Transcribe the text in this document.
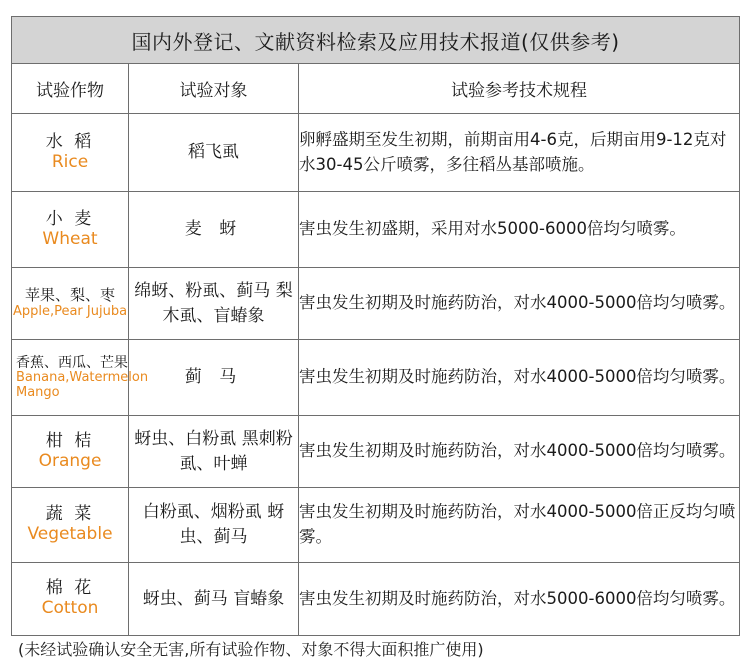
国内外登记、文献资料检索及应用技术报道(仅供参考)		
试验作物	试验对象	试验参考技术规程

水 稻
Rice	稻飞虱	卵孵盛期至发生初期，前期亩用4-6克，后期亩用9-12克对水30-45公斤喷雾，多往稻丛基部喷施。

小 麦
Wheat	麦 蚜	害虫发生初盛期，采用对水5000-6000倍均匀喷雾。

苹果、梨、枣
Apple,Pear Jujuba	绵蚜、粉虱、蓟马 梨木虱、盲蝽象	害虫发生初期及时施药防治，对水4000-5000倍均匀喷雾。

香蕉、西瓜、芒果
Banana,Watermelon Mango	蓟 马	害虫发生初期及时施药防治，对水4000-5000倍均匀喷雾。

柑 桔
Orange	蚜虫、白粉虱 黑刺粉虱、叶蝉	害虫发生初期及时施药防治，对水4000-5000倍均匀喷雾。

蔬 菜
Vegetable	白粉虱、烟粉虱 蚜虫、蓟马	害虫发生初期及时施药防治，对水4000-5000倍正反均匀喷雾。

棉 花
Cotton	蚜虫、蓟马 盲蝽象	害虫发生初期及时施药防治，对水5000-6000倍均匀喷雾。
(未经试验确认安全无害,所有试验作物、对象不得大面积推广使用)
